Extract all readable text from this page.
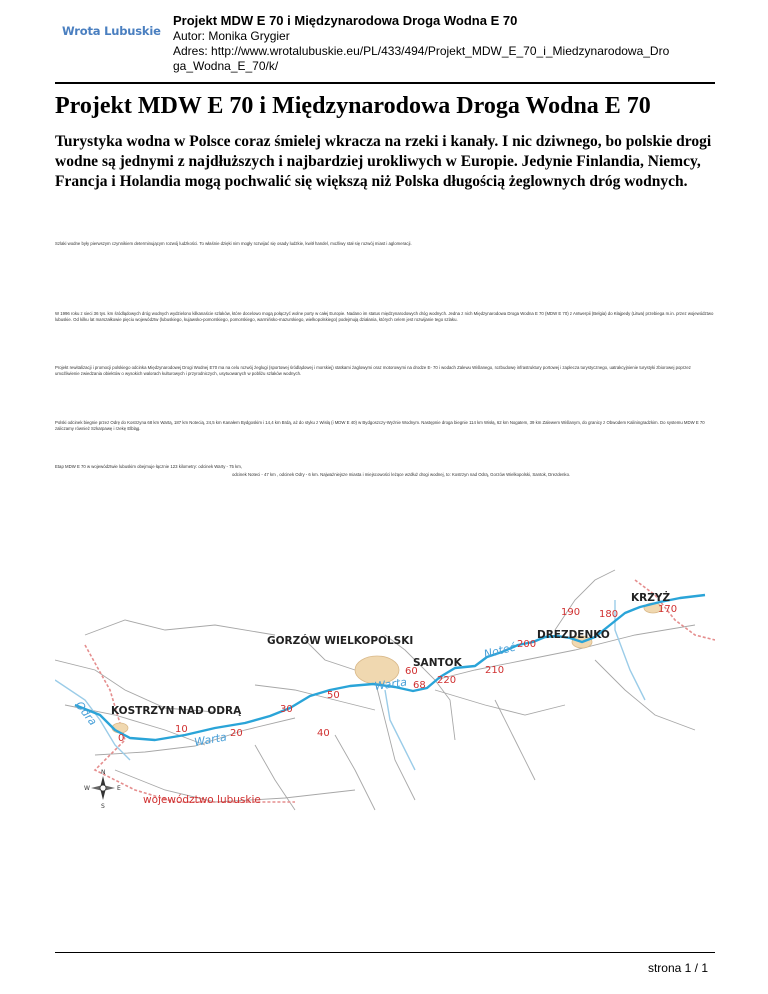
Wrota Lubuskie
Projekt MDW E 70 i Międzynarodowa Droga Wodna E 70
Autor: Monika Grygier
Adres: http://www.wrotalubuskie.eu/PL/433/494/Projekt_MDW_E_70_i_Miedzynarodowa_Dro
ga_Wodna_E_70/k/
Projekt MDW E 70 i Międzynarodowa Droga Wodna E 70

Turystyka wodna w Polsce coraz śmielej wkracza na rzeki i kanały. I nic dziwnego, bo polskie drogi wodne są jednymi z najdłuższych i najbardziej urokliwych w Europie. Jedynie Finlandia, Niemcy, Francja i Holandia mogą pochwalić się większą niż Polska długością żeglownych dróg wodnych.

Szlaki wodne były pierwszym czynnikiem determinującym rozwój ludzkości. To właśnie dzięki nim mogły rozwijać się osady ludzkie, kwitł handel, możliwy stał się rozwój miast i aglomeracji.

W 1996 roku z sieci 36 tys. km śródlądowych dróg wodnych wydzielono kilkanaście szlaków, które docelowo mogą połączyć wolne porty w całej Europie. Nadano im status międzynarodowych dróg wodnych. Jedna z nich Międzynarodowa Droga Wodna E 70 (MDW E 70) z Antwerpii (Belgia) do Kłajpedy (Litwa) przebiega m.in. przez województwo lubuskie. Od kilku lat marszałkowie pięciu województw (lubuskiego, kujawsko-pomorskiego, pomorskiego, warmińsko-mazurskiego, wielkopolskiego) podejmują działania, których celem jest rozwijanie tego szlaku.

Projekt rewitalizacji i promocji polskiego odcinka Międzynarodowej Drogi Wodnej E70 ma na celu rozwój żeglugi (sportowej śródlądowej i morskiej) statkami żaglowymi oraz motorowymi na drodze E- 70 i wodach Zalewu Wiślanego, rozbudowę infrastruktury portowej i zaplecza turystycznego, uatrakcyjnienie turystyki zbiorowej poprzez umożliwienie zwiedzania obiektów o wysokich walorach kulturowych i przyrodniczych, usytuowanych w pobliżu szlaków wodnych.

Polski odcinek biegnie przez Odrę do Kostrzyna 68 km Wartą, 187 km Notecią, 24,5 km Kanałem Bydgoskim i 14,4 km Brdą, aż do styku z Wisłą (i MDW E 40) w Bydgoszczy-Wyżnie Wodnym. Następnie droga biegnie 114 km Wisłą, 62 km Nogatem, 39 km Zalewem Wiślanym, do granicy z Obwodem Kaliningradzkim. Do systemu MDW E 70 zaliczamy również Szkarpawę i rzekę Elbląg.

Etap MDW E 70 w województwie lubuskim obejmuje łącznie 123 kilometry: odcinek Warty - 75 km,

odcinek Noteci - 47 km , odcinek Odry - 6 km. Najważniejsze miasta i miejscowości leżące wzdłuż drogi wodnej, to: Kostrzyn nad Odrą, Gorzów Wielkopolski, Santok, Drezdenko.

0
10	20
30
40
50
60
68 220
210
200
190 180	170
Odra
Warta
Warta
Noteć
KRZYŻ
DREZDENKO
GORZÓW WIELKOPOLSKI
SANTOK
KOSTRZYN NAD ODRĄ
N
S
W	E
województwo lubuskie
strona 1 / 1
